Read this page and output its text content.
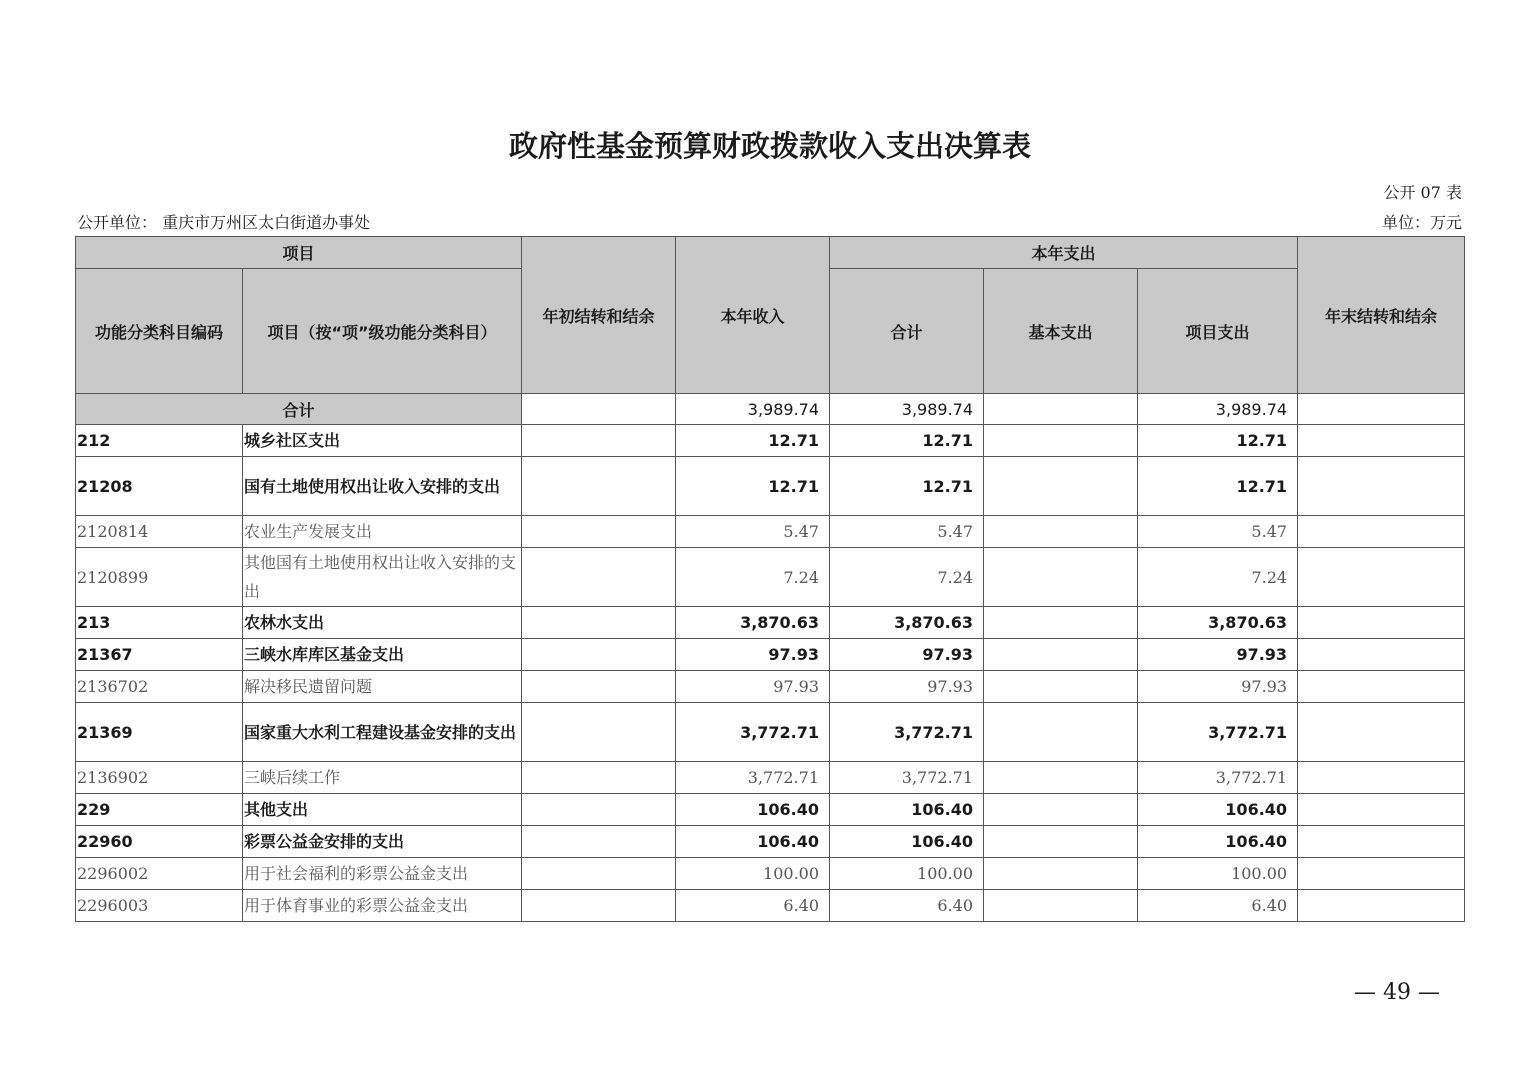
政府性基金预算财政拨款收入支出决算表
公开 07 表
公开单位： 重庆市万州区太白街道办事处	单位：万元
项目		年初结转和结余	本年收入	本年支出			年末结转和结余
功能分类科目编码	项目（按“项”级功能分类科目）			合计	基本支出	项目支出	
合计			3,989.74	3,989.74		3,989.74	
212	城乡社区支出		12.71	12.71		12.71	
21208	国有土地使用权出让收入安排的支出		12.71	12.71		12.71	
2120814	农业生产发展支出		5.47	5.47		5.47	
2120899	其他国有土地使用权出让收入安排的支出		7.24	7.24		7.24	
213	农林水支出		3,870.63	3,870.63		3,870.63	
21367	三峡水库库区基金支出		97.93	97.93		97.93	
2136702	解决移民遗留问题		97.93	97.93		97.93	
21369	国家重大水利工程建设基金安排的支出		3,772.71	3,772.71		3,772.71	
2136902	三峡后续工作		3,772.71	3,772.71		3,772.71	
229	其他支出		106.40	106.40		106.40	
22960	彩票公益金安排的支出		106.40	106.40		106.40	
2296002	用于社会福利的彩票公益金支出		100.00	100.00		100.00	
2296003	用于体育事业的彩票公益金支出		6.40	6.40		6.40	
— 49 —
